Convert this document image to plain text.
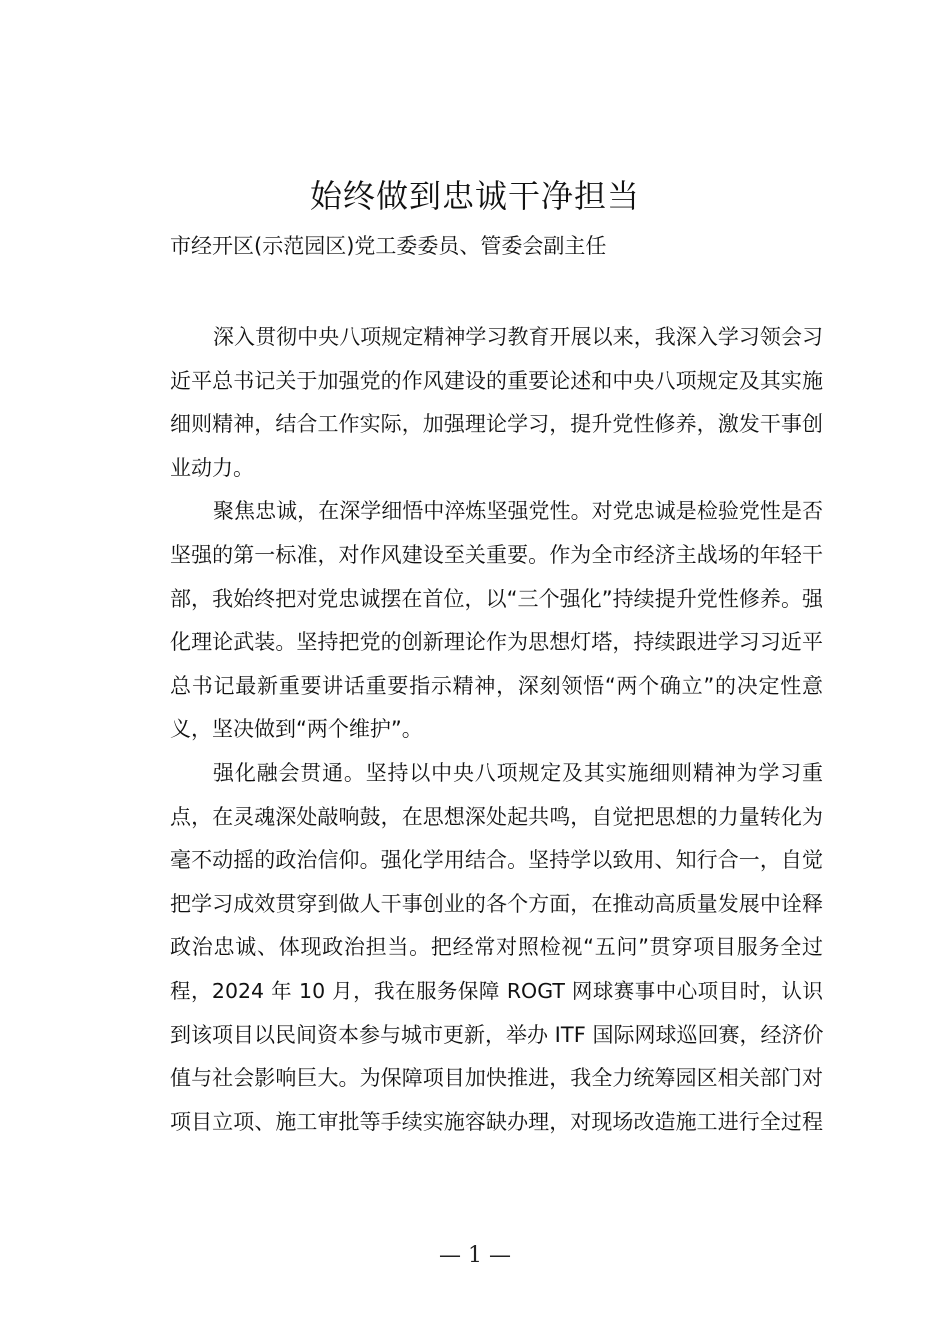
始终做到忠诚干净担当
市经开区(示范园区)党工委委员、管委会副主任

深入贯彻中央八项规定精神学习教育开展以来，我深入学习领会习
近平总书记关于加强党的作风建设的重要论述和中央八项规定及其实施
细则精神，结合工作实际，加强理论学习，提升党性修养，激发干事创
业动力。

聚焦忠诚，在深学细悟中淬炼坚强党性。对党忠诚是检验党性是否
坚强的第一标准，对作风建设至关重要。作为全市经济主战场的年轻干
部，我始终把对党忠诚摆在首位，以“三个强化”持续提升党性修养。强
化理论武装。坚持把党的创新理论作为思想灯塔，持续跟进学习习近平
总书记最新重要讲话重要指示精神，深刻领悟“两个确立”的决定性意
义，坚决做到“两个维护”。

强化融会贯通。坚持以中央八项规定及其实施细则精神为学习重
点，在灵魂深处敲响鼓，在思想深处起共鸣，自觉把思想的力量转化为
毫不动摇的政治信仰。强化学用结合。坚持学以致用、知行合一，自觉
把学习成效贯穿到做人干事创业的各个方面，在推动高质量发展中诠释
政治忠诚、体现政治担当。把经常对照检视“五问”贯穿项目服务全过
程，2024 年 10 月，我在服务保障 ROGT 网球赛事中心项目时，认识
到该项目以民间资本参与城市更新，举办 ITF 国际网球巡回赛，经济价
值与社会影响巨大。为保障项目加快推进，我全力统筹园区相关部门对
项目立项、施工审批等手续实施容缺办理，对现场改造施工进行全过程

— 1 —
